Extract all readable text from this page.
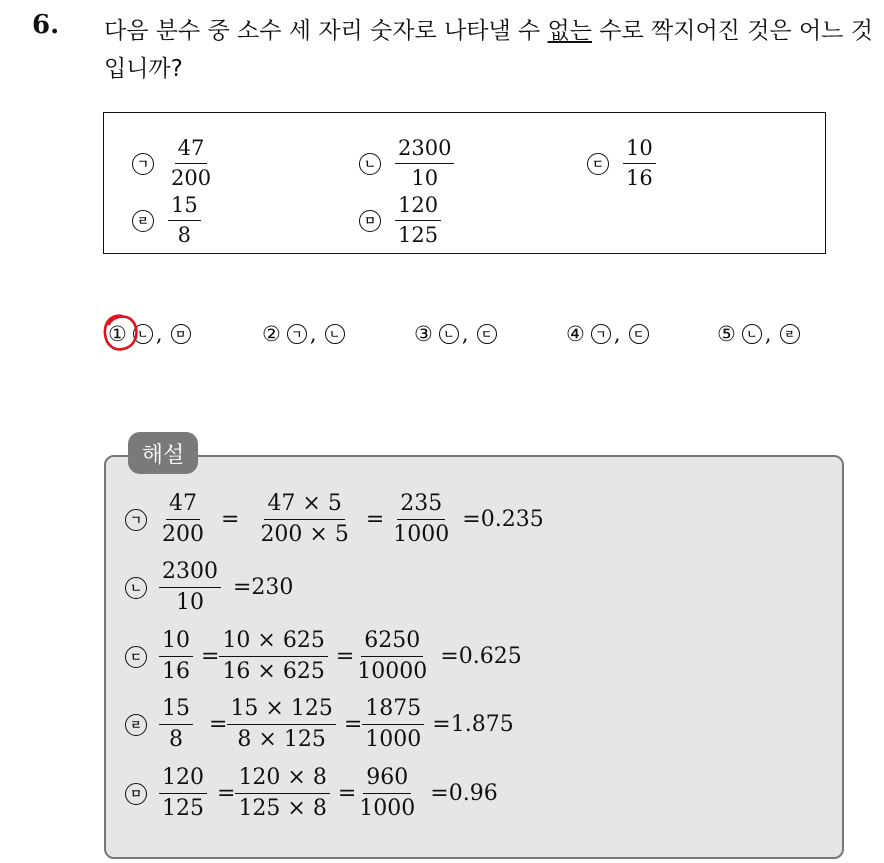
6. 다음 분수 중 소수 세 자리 숫자로 나타낼 수 없는 수로 짝지어진 것은 어느 것입니까?
ㄱ $\frac{47}{200}$	ㄴ $\frac{2300}{10}$	ㄷ $\frac{10}{16}$
ㄹ $\frac{15}{8}$	ㅁ $\frac{120}{125}$
① ㄴ ,	ㅁ	② ㄱ ,	ㄴ	③ ㄴ ,	ㄷ	④ ㄱ ,	ㄷ	⑤ ㄴ ,	ㄹ
해설
ㄱ $\frac{47}{200} = \frac{47 \times 5}{200 \times 5} = \frac{235}{1000} =0.235$
ㄴ $\frac{2300}{10} =230$
ㄷ $\frac{10}{16} = \frac{10 \times 625}{16 \times 625} = \frac{6250}{10000} =0.625$
ㄹ $\frac{15}{8} = \frac{15 \times 125}{8 \times 125} = \frac{1875}{1000} =1.875$
ㅁ $\frac{120}{125} = \frac{120 \times 8}{125 \times 8} = \frac{960}{1000} =0.96$
